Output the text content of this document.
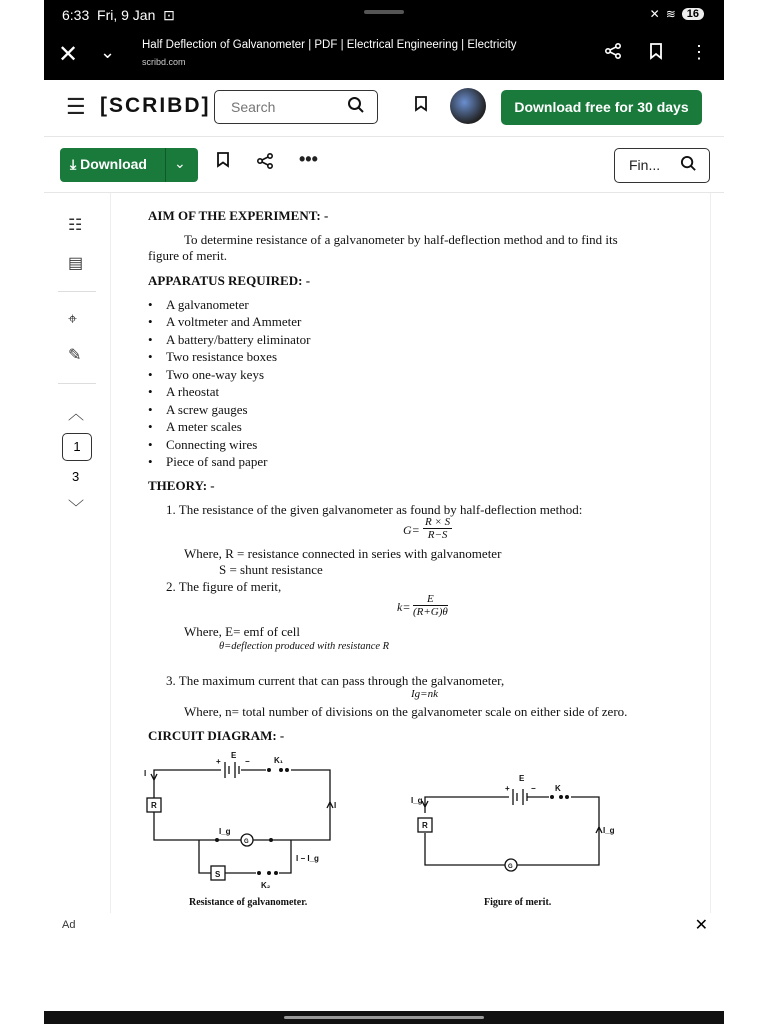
6:33 Fri, 9 Jan  ⊡	✕ ≋	16
✕ ⌄ Half Deflection of Galvanometer | PDF | Electrical Engineering | Electricity
scribd.com	⋮
☰ [SCRIBD]
Search	Download free for 30 days
⤓ Download ⌄	•••	Fin...
☷
▤
⌖
✎
︿
1
3
﹀
AIM OF THE EXPERIMENT: -
To determine resistance of a galvanometer by half-deflection method and to find its
figure of merit.
APPARATUS REQUIRED: -
• A galvanometer
• A voltmeter and Ammeter
• A battery/battery eliminator
• Two resistance boxes
• Two one-way keys
• A rheostat
• A screw gauges
• A meter scales
• Connecting wires
• Piece of sand paper
THEORY: -
1. The resistance of the given galvanometer as found by half-deflection method:
$G= \frac{R \times S}{R-S}$
Where, R = resistance connected in series with galvanometer
S = shunt resistance
2. The figure of merit,
$k= \frac{E}{(R+G)\theta}$
Where, E= emf of cell
θ=deflection produced with resistance R
3. The maximum current that can pass through the galvanometer,
Ig=nk
Where, n= total number of divisions on the galvanometer scale on either side of zero.
CIRCUIT DIAGRAM: -
E
+	−	K₁
I
R	I
I_g
G
S
K₂
I − I_g
Resistance of galvanometer.
E
+	− K
I_g
R
I_g
G
Figure of merit.
Ad	✕
